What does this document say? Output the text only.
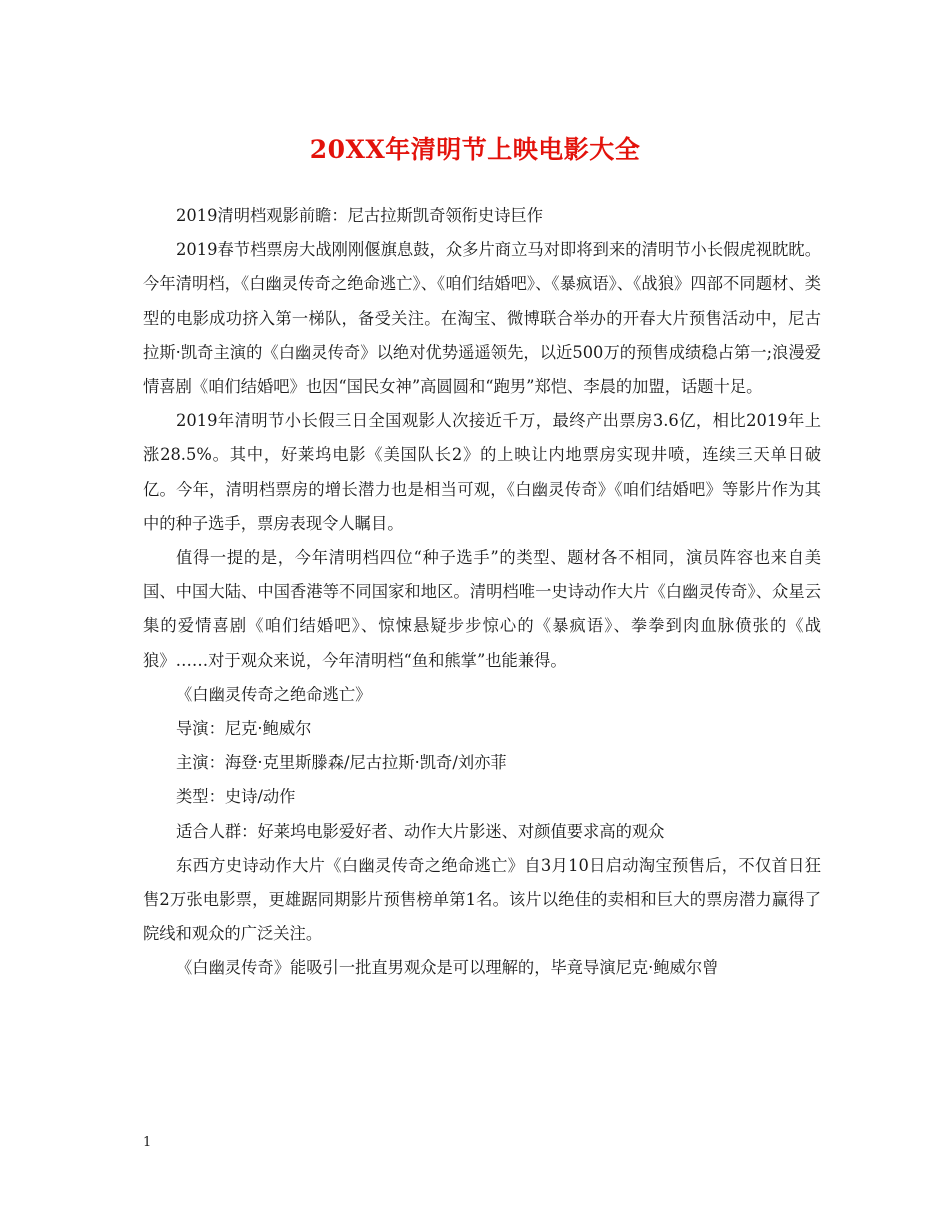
20XX年清明节上映电影大全

2019清明档观影前瞻：尼古拉斯凯奇领衔史诗巨作

2019春节档票房大战刚刚偃旗息鼓，众多片商立马对即将到来的清明节小长假虎视眈眈。今年清明档，《白幽灵传奇之绝命逃亡》、《咱们结婚吧》、《暴疯语》、《战狼》四部不同题材、类型的电影成功挤入第一梯队，备受关注。在淘宝、微博联合举办的开春大片预售活动中，尼古拉斯·凯奇主演的《白幽灵传奇》以绝对优势遥遥领先，以近500万的预售成绩稳占第一;浪漫爱情喜剧《咱们结婚吧》也因“国民女神”高圆圆和“跑男”郑恺、李晨的加盟，话题十足。

2019年清明节小长假三日全国观影人次接近千万，最终产出票房3.6亿，相比2019年上涨28.5%。其中，好莱坞电影《美国队长2》的上映让内地票房实现井喷，连续三天单日破亿。今年，清明档票房的增长潜力也是相当可观，《白幽灵传奇》《咱们结婚吧》等影片作为其中的种子选手，票房表现令人瞩目。

值得一提的是，今年清明档四位“种子选手”的类型、题材各不相同，演员阵容也来自美国、中国大陆、中国香港等不同国家和地区。清明档唯一史诗动作大片《白幽灵传奇》、众星云集的爱情喜剧《咱们结婚吧》、惊悚悬疑步步惊心的《暴疯语》、拳拳到肉血脉偾张的《战狼》……对于观众来说，今年清明档“鱼和熊掌”也能兼得。

《白幽灵传奇之绝命逃亡》

导演：尼克·鲍威尔

主演：海登·克里斯滕森/尼古拉斯·凯奇/刘亦菲

类型：史诗/动作

适合人群：好莱坞电影爱好者、动作大片影迷、对颜值要求高的观众

东西方史诗动作大片《白幽灵传奇之绝命逃亡》自3月10日启动淘宝预售后，不仅首日狂售2万张电影票，更雄踞同期影片预售榜单第1名。该片以绝佳的卖相和巨大的票房潜力赢得了院线和观众的广泛关注。

《白幽灵传奇》能吸引一批直男观众是可以理解的，毕竟导演尼克·鲍威尔曾

1
